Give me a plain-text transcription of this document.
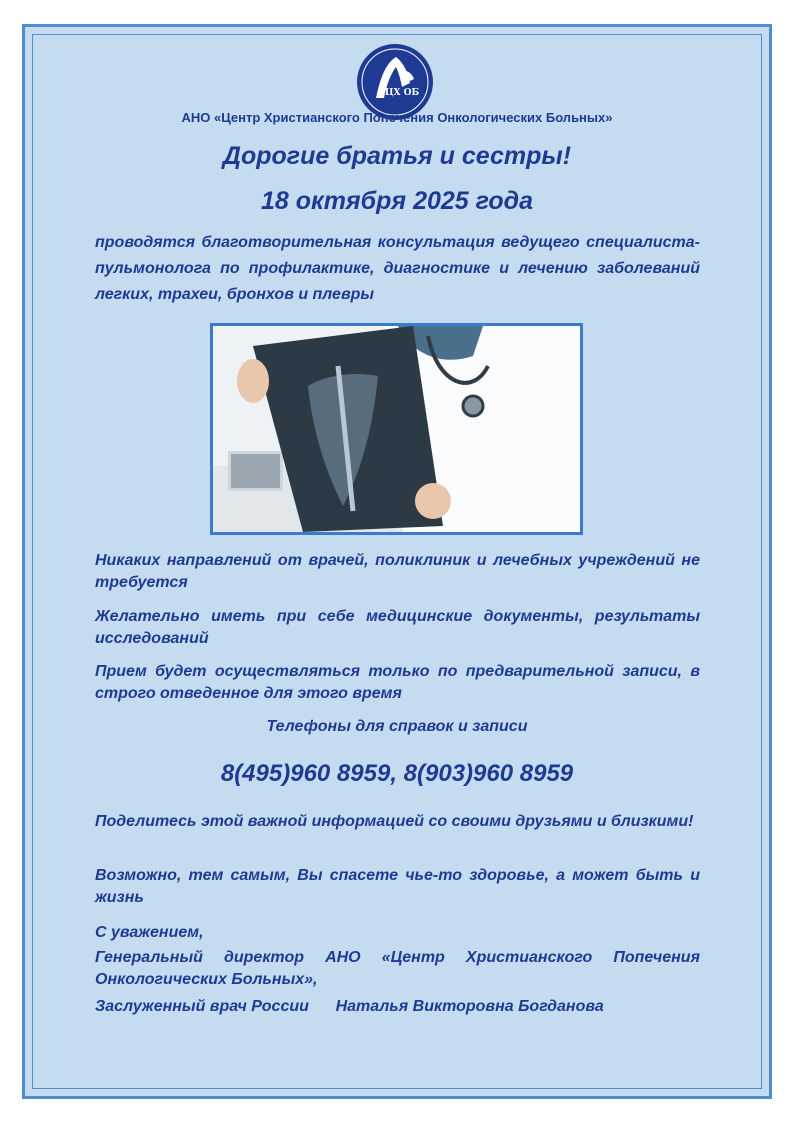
ЦХ ОБ
АНО «Центр Христианского Попечения Онкологических Больных»
Дорогие братья и сестры!
18 октября 2025 года
проводятся благотворительная консультация ведущего специалиста-пульмонолога по профилактике, диагностике и лечению заболеваний легких, трахеи, бронхов и плевры
Никаких направлений от врачей, поликлиник и лечебных учреждений не требуется
Желательно иметь при себе медицинские документы, результаты исследований
Прием будет осуществляться только по предварительной записи, в строго отведенное для этого время
Телефоны для справок и записи
8(495)960 8959, 8(903)960 8959
Поделитесь этой важной информацией со своими друзьями и близкими!
Возможно, тем самым, Вы спасете чье-то здоровье, а может быть и жизнь
С уважением,
Генеральный директор АНО «Центр Христианского Попечения Онкологических Больных»,
Заслуженный врач России Наталья Викторовна Богданова
